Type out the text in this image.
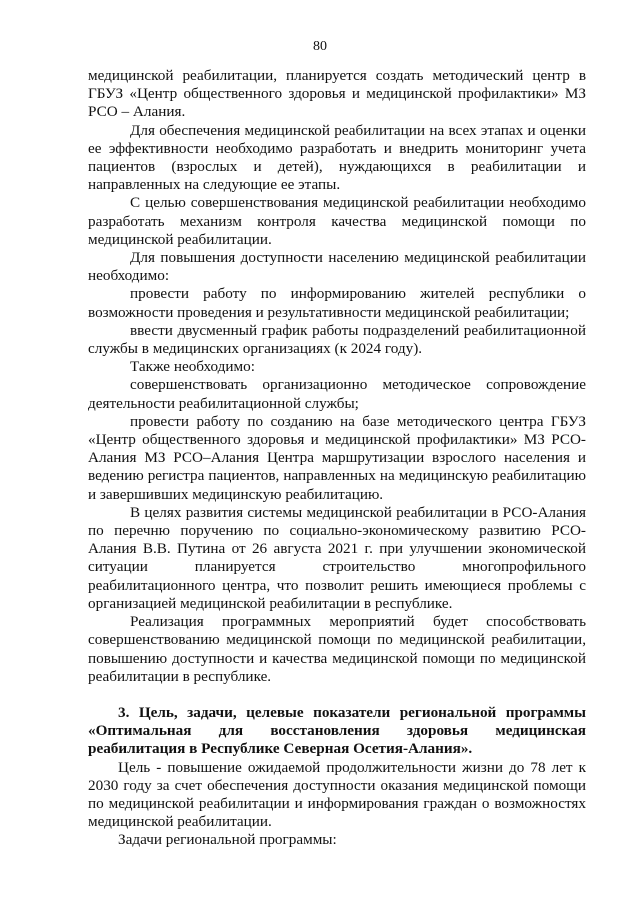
80

медицинской реабилитации, планируется создать методический центр в ГБУЗ «Центр общественного здоровья и медицинской профилактики» МЗ РСО – Алания.

Для обеспечения медицинской реабилитации на всех этапах и оценки ее эффективности необходимо разработать и внедрить мониторинг учета пациентов (взрослых и детей), нуждающихся в реабилитации и направленных на следующие ее этапы.

С целью совершенствования медицинской реабилитации необходимо разработать механизм контроля качества медицинской помощи по медицинской реабилитации.

Для повышения доступности населению медицинской реабилитации необходимо:

провести работу по информированию жителей республики о возможности проведения и результативности медицинской реабилитации;

ввести двусменный график работы подразделений реабилитационной службы в медицинских организациях (к 2024 году).

Также необходимо:

совершенствовать организационно методическое сопровождение деятельности реабилитационной службы;

провести работу по созданию на базе методического центра ГБУЗ «Центр общественного здоровья и медицинской профилактики» МЗ РСО-Алания МЗ РСО–Алания Центра маршрутизации взрослого населения и ведению регистра пациентов, направленных на медицинскую реабилитацию и завершивших медицинскую реабилитацию.

В целях развития системы медицинской реабилитации в РСО-Алания по перечню поручению по социально-экономическому развитию РСО-Алания В.В. Путина от 26 августа 2021 г. при улучшении экономической ситуации планируется строительство многопрофильного реабилитационного центра, что позволит решить имеющиеся проблемы с организацией медицинской реабилитации в республике.

Реализация программных мероприятий будет способствовать совершенствованию медицинской помощи по медицинской реабилитации, повышению доступности и качества медицинской помощи по медицинской реабилитации в республике.

3. Цель, задачи, целевые показатели региональной программы «Оптимальная для восстановления здоровья медицинская реабилитация в Республике Северная Осетия-Алания».

Цель - повышение ожидаемой продолжительности жизни до 78 лет к 2030 году за счет обеспечения доступности оказания медицинской помощи по медицинской реабилитации и информирования граждан о возможностях медицинской реабилитации.

Задачи региональной программы:
